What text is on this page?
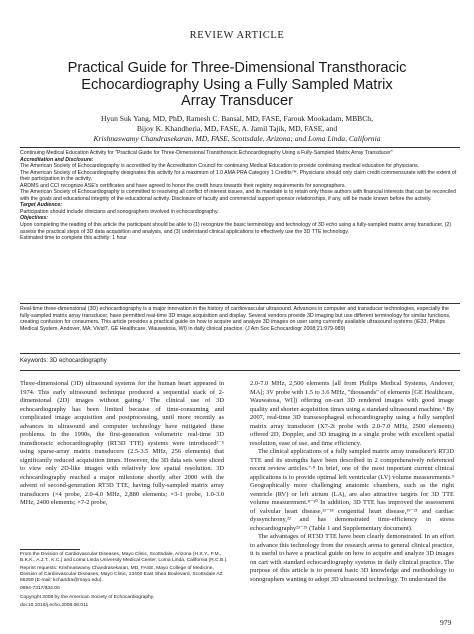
REVIEW ARTICLE
Practical Guide for Three-Dimensional Transthoracic
Echocardiography Using a Fully Sampled Matrix
Array Transducer
Hyun Suk Yang, MD, PhD, Ramesh C. Bansal, MD, FASE, Farouk Mookadam, MBBCh,
Bijoy K. Khandheria, MD, FASE, A. Jamil Tajik, MD, FASE, and
Krishnaswamy Chandrasekaran, MD, FASE, Scottsdale, Arizona; and Loma Linda, California

Continuing Medical Education Activity for "Practical Guide for Three-Dimensional Transthoracic Echocardiography Using a Fully-Sampled Matrix Array Transducer"

Accreditation and Disclosure:

The American Society of Echocardiography is accredited by the Accreditation Council for continuing Medical Education to provide continuing medical education for physicians.

The American Society of Echocardiography designates this activity for a maximum of 1.0 AMA PRA Category 1 Credits™. Physicians should only claim credit commensurate with the extent of their participation in the activity.

ARDMS and CCI recognize ASE's certificates and have agreed to honor the credit hours towards their registry requirements for sonographers.

The American Society of Echocardiography is committed to resolving all conflict of interest issues, and its mandate is to retain only those authors with financial interests that can be reconciled with the goals and educational integrity of the educational activity. Disclosure of faculty and commercial support sponsor relationships, if any, will be made known before the activity.

Target Audience:

Participation should include clinicians and sonographers involved in echocardiography.

Objectives:

Upon completing the reading of this article the participant should be able to (1) recognize the basic terminology and technology of 3D echo using a fully-sampled matrix array transducer, (2) assess the practical steps of 3D data acquisition and analysis, and (3) understand clinical applications to effectively use the 3D TTE technology.

Estimated time to complete this activity: 1 hour

Real-time three-dimensional (3D) echocardiography is a major innovation in the history of cardiovascular ultrasound. Advances in computer and transducer technologies, especially the fully-sampled matrix array transducer, have permitted real-time 3D image acquisition and display. Several vendors provide 3D imaging but use different terminology for similar functions, creating confusion for consumers. This article provides a practical guide on how to acquire and analyze 3D images on user using currently available ultrasound systems (iE33, Philips Medical System, Andover, MA; Vivid7, GE Healthcare, Wauwatosa, WI) in daily clinical practice. (J Am Soc Echocardiogr 2008;21:979-989)

Keywords: 3D echocardiography

Three-dimensional (3D) ultrasound systems for the human heart appeared in 1974. This early ultrasound technique produced a sequential stack of 2-dimensional (2D) images without gating.¹ The clinical use of 3D echocardiography has been limited because of time-consuming and complicated image acquisition and postprocessing, until more recently as advances in ultrasound and computer technology have mitigated these problems. In the 1990s, the first-generation volumetric real-time 3D transthoracic echocardiography (RT3D TTE) systems were introduced²⁻⁵ using sparse-array matrix transducers (2.5-3.5 MHz, 256 elements) that significantly reduced acquisition times. However, the 3D data sets were sliced to view only 2D-like images with relatively low spatial resolution. 3D echocardiography reached a major milestone shortly after 2000 with the advent of second-generation RT3D TTE, having fully-sampled matrix array transducers (×4 probe, 2.0-4.0 MHz, 2,880 elements; ×3-1 probe, 1.0-3.0 MHz, 2400 elements; ×7-2 probe,

2.0-7.0 MHz, 2,500 elements [all from Philips Medical Systems, Andover, MA]; 3V probe with 1.5 to 3.6 MHz, "thousands" of elements [GE Healthcare, Wauwatosa, WI]) offering on-cart 3D rendered images with good image quality and shorter acquisition times using a standard ultrasound machine.⁶ By 2007, real-time 3D transesophageal echocardiography using a fully sampled matrix array transducer (X7-2t probe with 2.0-7.0 MHz, 2500 elements) offered 2D, Doppler, and 3D imaging in a single probe with excellent spatial resolution, ease of use, and time efficiency.

The clinical applications of a fully sampled matrix array transducer's RT3D TTE and its strengths have been described in 2 comprehensively referenced recent review articles.⁷·⁸ In brief, one of the most important current clinical applications is to provide optimal left ventricular (LV) volume measurements.⁹ Geographically more challenging anatomic chambers, such as the right ventricle (RV) or left atrium (LA), are also attractive targets for 3D TTE volume measurement.⁸⁻¹⁰ In addition, 3D TTE has improved the assessment of valvular heart disease,¹¹⁻¹⁸ congenital heart disease,¹⁹⁻²¹ and cardiac dyssynchrony,²² and has demonstrated time-efficiency in stress echocardiography²³⁻²⁵ (Table 1 and Supplementary document).

The advantages of RT3D TTE have been clearly demonstrated. In an effort to advance this technology from the research arena to general clinical practice, it is useful to have a practical guide on how to acquire and analyze 3D images on cart with standard echocardiography systems in daily clinical practice. The purpose of this article is to present basic 3D knowledge and methodology to sonographers wanting to adopt 3D ultrasound technology. To understand the

From the Division of Cardiovascular Diseases, Mayo Clinic, Scottsdale, Arizona (H.S.Y., F.M., B.K.K., A.J.T., K.C.) and Loma Linda University Medical Center, Loma Linda, California (R.C.B.).

Reprint requests: Krishnaswamy Chandrasekaran, MD, FASE, Mayo College of Medicine, Division of Cardiovascular Diseases, Mayo Clinic, 13400 East Shea Boulevard, Scottsdale AZ 85259 (E-mail: kchandra@mayo.edu).

0894-7317/$34.00

Copyright 2008 by the American Society of Echocardiography.

doi:10.1016/j.echo.2008.06.011

979
